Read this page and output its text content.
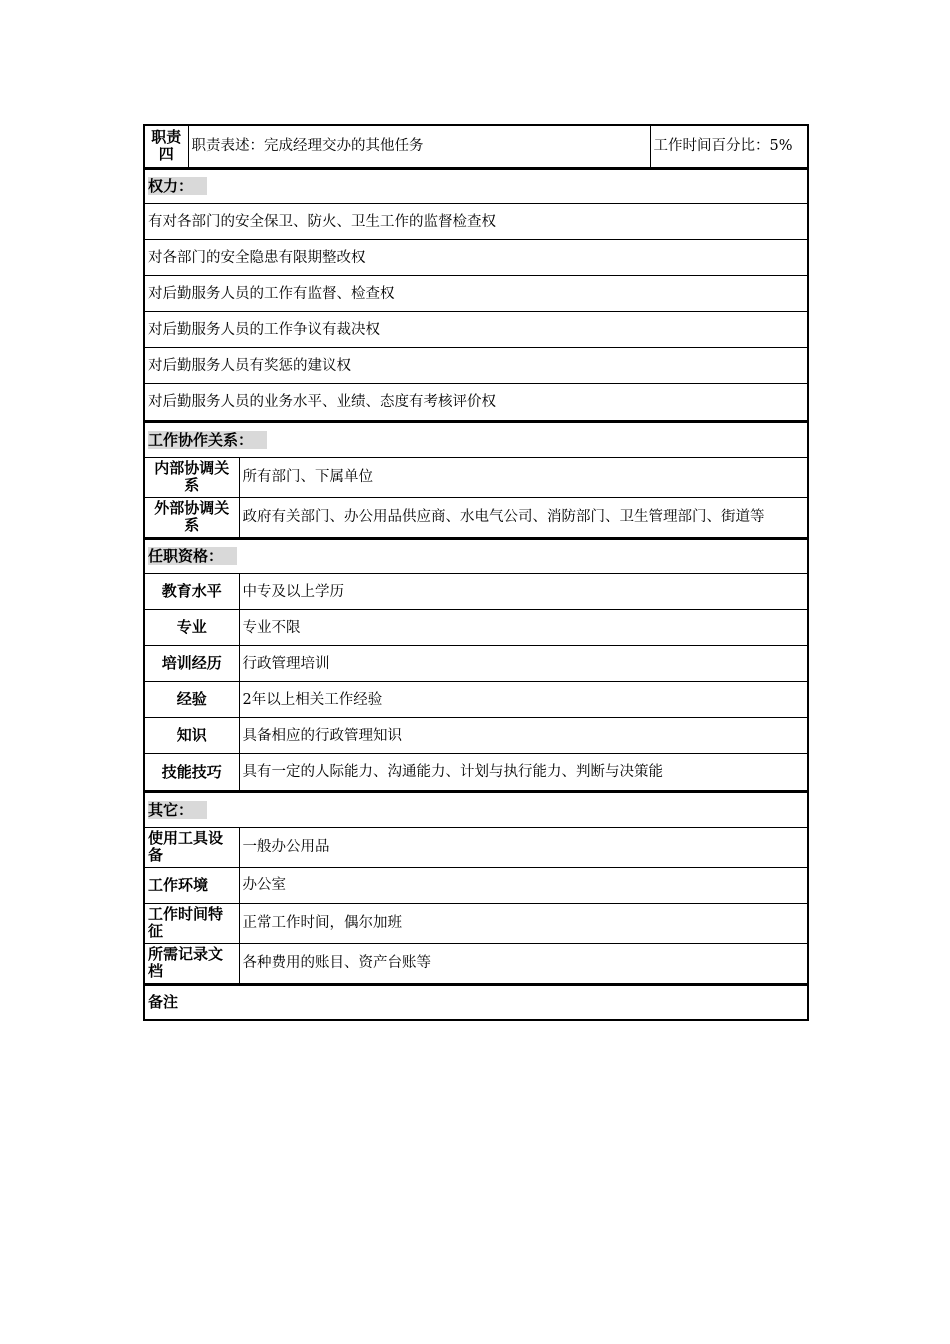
职责四	职责表述：完成经理交办的其他任务	工作时间百分比：5%
权力：
有对各部门的安全保卫、防火、卫生工作的监督检查权
对各部门的安全隐患有限期整改权
对后勤服务人员的工作有监督、检查权
对后勤服务人员的工作争议有裁决权
对后勤服务人员有奖惩的建议权
对后勤服务人员的业务水平、业绩、态度有考核评价权
工作协作关系：	
内部协调关系	所有部门、下属单位
外部协调关系	政府有关部门、办公用品供应商、水电气公司、消防部门、卫生管理部门、街道等
任职资格：	
教育水平	中专及以上学历
专业	专业不限
培训经历	行政管理培训
经验	2年以上相关工作经验
知识	具备相应的行政管理知识
技能技巧	具有一定的人际能力、沟通能力、计划与执行能力、判断与决策能
其它：	
使用工具设备	一般办公用品
工作环境	办公室
工作时间特征	正常工作时间，偶尔加班
所需记录文档	各种费用的账目、资产台账等
备注
